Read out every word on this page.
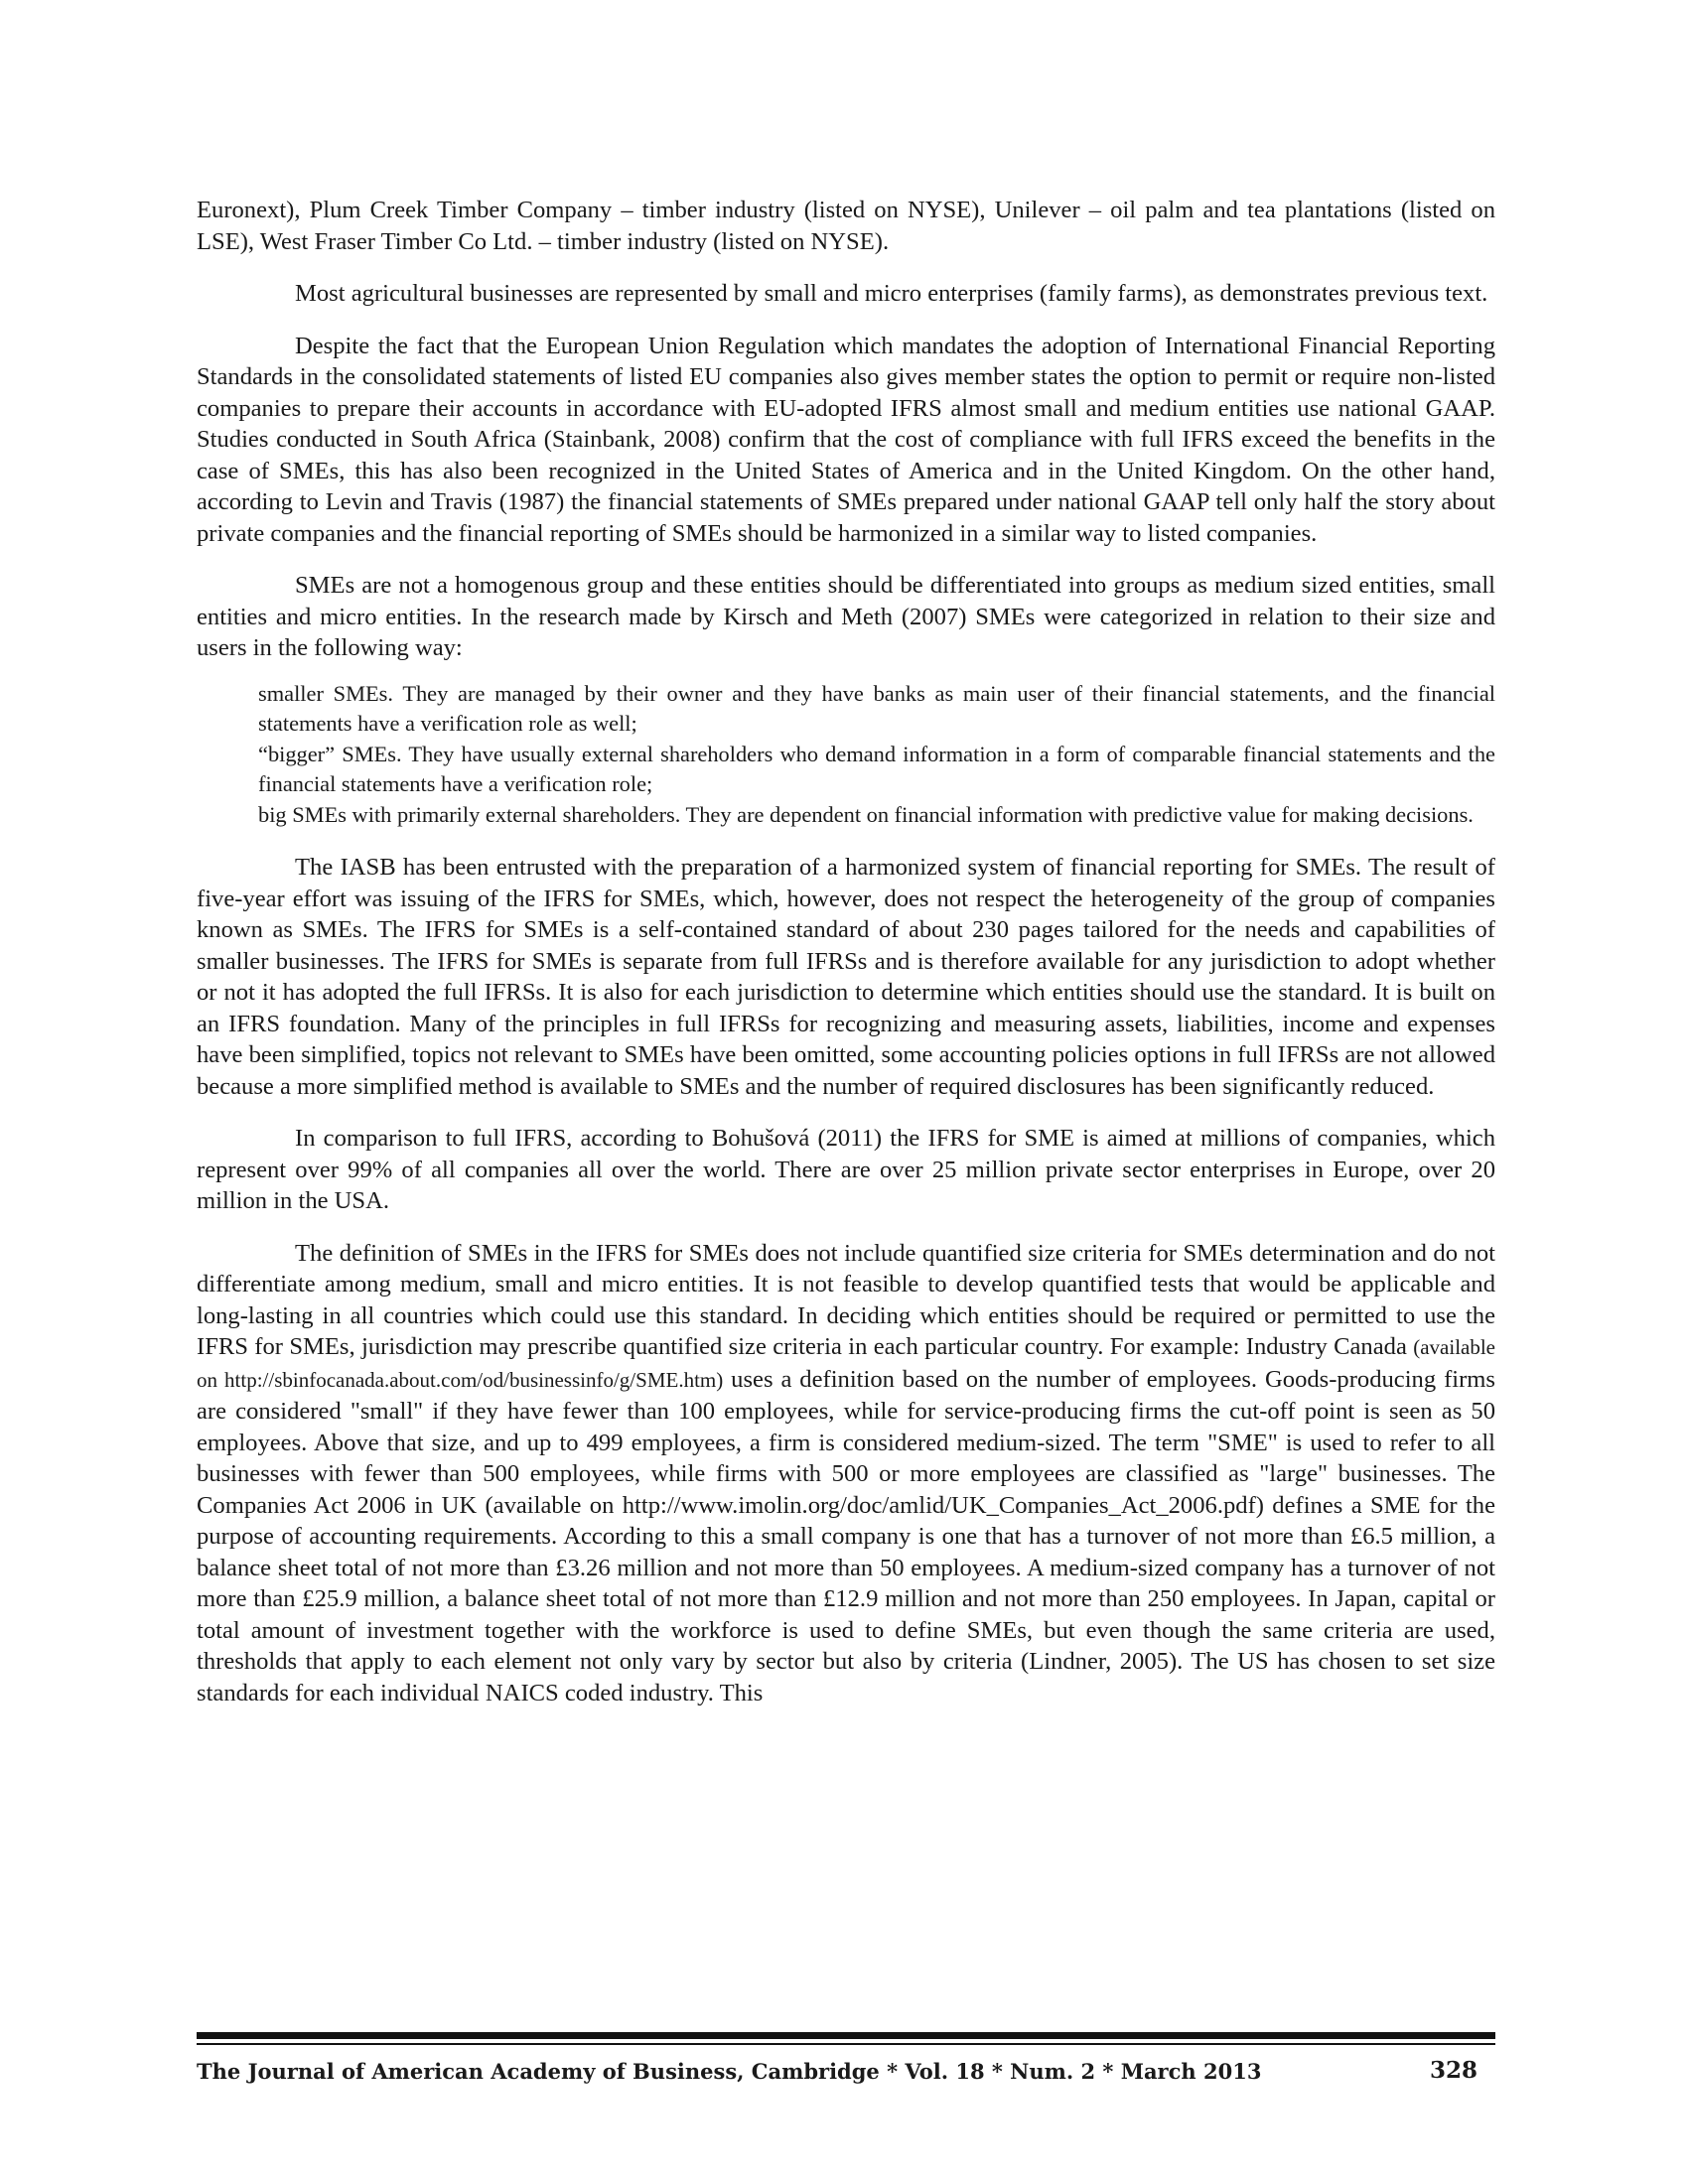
Euronext), Plum Creek Timber Company – timber industry (listed on NYSE), Unilever – oil palm and tea plantations (listed on LSE), West Fraser Timber Co Ltd. – timber industry (listed on NYSE).

Most agricultural businesses are represented by small and micro enterprises (family farms), as demonstrates previous text.

Despite the fact that the European Union Regulation which mandates the adoption of International Financial Reporting Standards in the consolidated statements of listed EU companies also gives member states the option to permit or require non-listed companies to prepare their accounts in accordance with EU-adopted IFRS almost small and medium entities use national GAAP. Studies conducted in South Africa (Stainbank, 2008) confirm that the cost of compliance with full IFRS exceed the benefits in the case of SMEs, this has also been recognized in the United States of America and in the United Kingdom. On the other hand, according to Levin and Travis (1987) the financial statements of SMEs prepared under national GAAP tell only half the story about private companies and the financial reporting of SMEs should be harmonized in a similar way to listed companies.

SMEs are not a homogenous group and these entities should be differentiated into groups as medium sized entities, small entities and micro entities. In the research made by Kirsch and Meth (2007) SMEs were categorized in relation to their size and users in the following way:

smaller SMEs. They are managed by their owner and they have banks as main user of their financial statements, and the financial statements have a verification role as well;
“bigger” SMEs. They have usually external shareholders who demand information in a form of comparable financial statements and the financial statements have a verification role;
big SMEs with primarily external shareholders. They are dependent on financial information with predictive value for making decisions.

The IASB has been entrusted with the preparation of a harmonized system of financial reporting for SMEs. The result of five-year effort was issuing of the IFRS for SMEs, which, however, does not respect the heterogeneity of the group of companies known as SMEs. The IFRS for SMEs is a self-contained standard of about 230 pages tailored for the needs and capabilities of smaller businesses. The IFRS for SMEs is separate from full IFRSs and is therefore available for any jurisdiction to adopt whether or not it has adopted the full IFRSs. It is also for each jurisdiction to determine which entities should use the standard. It is built on an IFRS foundation. Many of the principles in full IFRSs for recognizing and measuring assets, liabilities, income and expenses have been simplified, topics not relevant to SMEs have been omitted, some accounting policies options in full IFRSs are not allowed because a more simplified method is available to SMEs and the number of required disclosures has been significantly reduced.

In comparison to full IFRS, according to Bohušová (2011) the IFRS for SME is aimed at millions of companies, which represent over 99% of all companies all over the world. There are over 25 million private sector enterprises in Europe, over 20 million in the USA.

The definition of SMEs in the IFRS for SMEs does not include quantified size criteria for SMEs determination and do not differentiate among medium, small and micro entities. It is not feasible to develop quantified tests that would be applicable and long-lasting in all countries which could use this standard. In deciding which entities should be required or permitted to use the IFRS for SMEs, jurisdiction may prescribe quantified size criteria in each particular country. For example: Industry Canada (available on http://sbinfocanada.about.com/od/businessinfo/g/SME.htm) uses a definition based on the number of employees. Goods-producing firms are considered "small" if they have fewer than 100 employees, while for service-producing firms the cut-off point is seen as 50 employees. Above that size, and up to 499 employees, a firm is considered medium-sized. The term "SME" is used to refer to all businesses with fewer than 500 employees, while firms with 500 or more employees are classified as "large" businesses. The Companies Act 2006 in UK (available on http://www.imolin.org/doc/amlid/UK_Companies_Act_2006.pdf) defines a SME for the purpose of accounting requirements. According to this a small company is one that has a turnover of not more than £6.5 million, a balance sheet total of not more than £3.26 million and not more than 50 employees. A medium-sized company has a turnover of not more than £25.9 million, a balance sheet total of not more than £12.9 million and not more than 250 employees. In Japan, capital or total amount of investment together with the workforce is used to define SMEs, but even though the same criteria are used, thresholds that apply to each element not only vary by sector but also by criteria (Lindner, 2005). The US has chosen to set size standards for each individual NAICS coded industry. This

The Journal of American Academy of Business, Cambridge * Vol. 18 * Num. 2 * March 2013	328
